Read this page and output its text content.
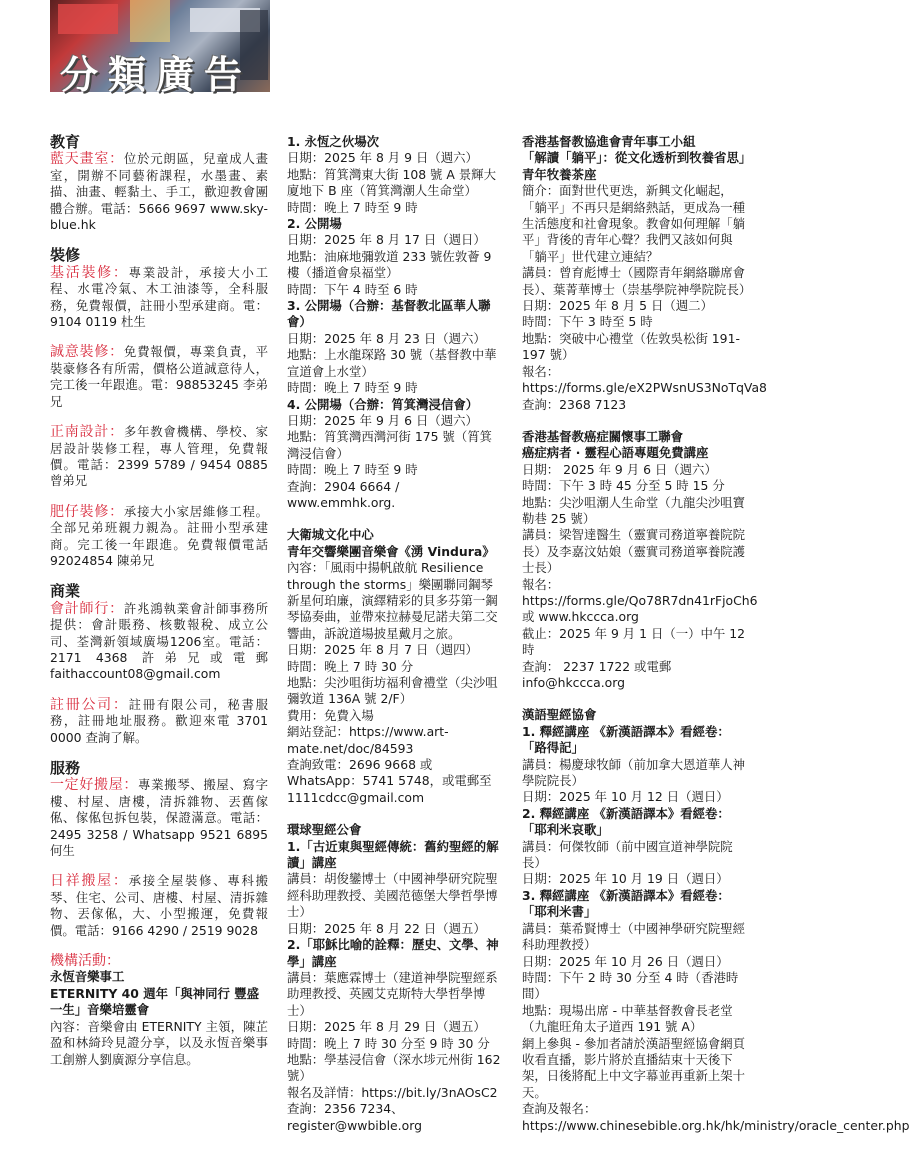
分類廣告
教育
藍天畫室：位於元朗區，兒童成人畫室，開辦不同藝術課程，水墨畫、素描、油畫、輕黏土、手工，歡迎教會團體合辦。電話：5666 9697 www.sky-blue.hk
裝修
基活裝修：專業設計，承接大小工程、水電冷氣、木工油漆等，全科服務，免費報價，註冊小型承建商。電：9104 0119 杜生
誠意裝修：免費報價，專業負責，平裝豪修各有所需，價格公道誠意待人，完工後一年跟進。電：98853245 李弟兄
正南設計：多年教會機構、學校、家居設計裝修工程，專人管理，免費報價。電話：2399 5789 / 9454 0885 曾弟兄
肥仔裝修：承接大小家居維修工程。全部兄弟班親力親為。註冊小型承建商。完工後一年跟進。免費報價電話 92024854 陳弟兄
商業
會計師行：許兆鴻執業會計師事務所提供：會計賬務、核數報稅、成立公司、荃灣新領域廣場1206室。電話：2171 4368 許弟兄或電郵 faithaccount08@gmail.com
註冊公司：註冊有限公司，秘書服務，註冊地址服務。歡迎來電 3701 0000 查詢了解。
服務
一定好搬屋：專業搬琴、搬屋、寫字樓、村屋、唐樓，清拆雜物、丟舊傢俬、傢俬包拆包裝，保證滿意。電話：2495 3258 / Whatsapp 9521 6895 何生
日祥搬屋：承接全屋裝修、專科搬琴、住宅、公司、唐樓、村屋、清拆雜物、丟傢俬，大、小型搬運，免費報價。電話：9166 4290 / 2519 9028
機構活動：
永恆音樂事工
ETERNITY 40 週年「與神同行 豐盛一生」音樂培靈會
內容：音樂會由 ETERNITY 主領，陳芷盈和林綺玲見證分享，以及永恆音樂事工創辦人劉廣源分享信息。
1. 永恆之伙場次
日期：2025 年 8 月 9 日（週六）
地點：筲箕灣東大街 108 號 A 景輝大廈地下 B 座（筲箕灣潮人生命堂）
時間：晚上 7 時至 9 時
2. 公開場
日期：2025 年 8 月 17 日（週日）
地點：油麻地彌敦道 233 號佐敦薈 9 樓（播道會泉福堂）
時間：下午 4 時至 6 時
3. 公開場（合辦：基督教北區華人聯會）
日期：2025 年 8 月 23 日（週六）
地點：上水龍琛路 30 號（基督教中華宣道會上水堂）
時間：晚上 7 時至 9 時
4. 公開場（合辦：筲箕灣浸信會）
日期：2025 年 9 月 6 日（週六）
地點：筲箕灣西灣河街 175 號（筲箕灣浸信會）
時間：晚上 7 時至 9 時
查詢：2904 6664 / www.emmhk.org.
大衛城文化中心
青年交響樂團音樂會《湧 Vindura》
內容：「風雨中揚帆啟航 Resilience through the storms」樂團聯同鋼琴新星何珀廉，演繹精彩的貝多芬第一鋼琴協奏曲，並帶來拉赫曼尼諾夫第二交響曲，訴說道場披星戴月之旅。
日期：2025 年 8 月 7 日（週四）
時間：晚上 7 時 30 分
地點：尖沙咀街坊福利會禮堂（尖沙咀彌敦道 136A 號 2/F）
費用：免費入場
網站登記：https://www.art-mate.net/doc/84593
查詢致電：2696 9668 或 WhatsApp：5741 5748，或電郵至 1111cdcc@gmail.com
環球聖經公會
1.「古近東與聖經傳統：舊約聖經的解讀」講座
講員：胡俊鑾博士（中國神學研究院聖經科助理教授、美國范德堡大學哲學博士）
日期：2025 年 8 月 22 日（週五）
2.「耶穌比喻的詮釋：歷史、文學、神學」講座
講員：葉應霖博士（建道神學院聖經系助理教授、英國艾克斯特大學哲學博士）
日期：2025 年 8 月 29 日（週五）
時間：晚上 7 時 30 分至 9 時 30 分
地點：學基浸信會（深水埗元州街 162 號）
報名及詳情：https://bit.ly/3nAOsC2
查詢：2356 7234、register@wwbible.org
香港基督教協進會青年事工小組
「解讀「躺平」：從文化透析到牧養省思」青年牧養茶座
簡介：面對世代更迭，新興文化崛起，「躺平」不再只是網絡熱話，更成為一種生活態度和社會現象。教會如何理解「躺平」背後的青年心聲？我們又該如何與「躺平」世代建立連結？
講員：曾育彪博士（國際青年網絡聯席會長）、葉菁華博士（崇基學院神學院院長）
日期：2025 年 8 月 5 日（週二）
時間：下午 3 時至 5 時
地點：突破中心禮堂（佐敦吳松街 191-197 號）
報名：https://forms.gle/eX2PWsnUS3NoTqVa8
查詢：2368 7123
香港基督教癌症關懷事工聯會
癌症病者 ‧ 靈程心語專題免費講座
日期： 2025 年 9 月 6 日（週六）
時間：下午 3 時 45 分至 5 時 15 分
地點：尖沙咀潮人生命堂（九龍尖沙咀寶勒巷 25 號）
講員：梁智達醫生（靈實司務道寧養院院長）及李嘉汶姑娘（靈實司務道寧養院護士長）
報名：https://forms.gle/Qo78R7dn41rFjoCh6 或 www.hkccca.org
截止：2025 年 9 月 1 日（一）中午 12 時
查詢： 2237 1722 或電郵 info@hkccca.org
漢語聖經協會
1. 釋經講座 《新漢語譯本》看經卷：「路得記」
講員：楊慶球牧師（前加拿大恩道華人神學院院長）
日期：2025 年 10 月 12 日（週日）
2. 釋經講座 《新漢語譯本》看經卷：「耶利米哀歌」
講員：何傑牧師（前中國宣道神學院院長）
日期：2025 年 10 月 19 日（週日）
3. 釋經講座 《新漢語譯本》看經卷：「耶利米書」
講員：葉希賢博士（中國神學研究院聖經科助理教授）
日期：2025 年 10 月 26 日（週日）
時間：下午 2 時 30 分至 4 時（香港時間）
地點：現場出席 - 中華基督教會長老堂（九龍旺角太子道西 191 號 A）
網上參與 - 參加者請於漢語聖經協會網頁收看直播，影片將於直播結束十天後下架，日後將配上中文字幕並再重新上架十天。
查詢及報名：https://www.chinesebible.org.hk/hk/ministry/oracle_center.php
